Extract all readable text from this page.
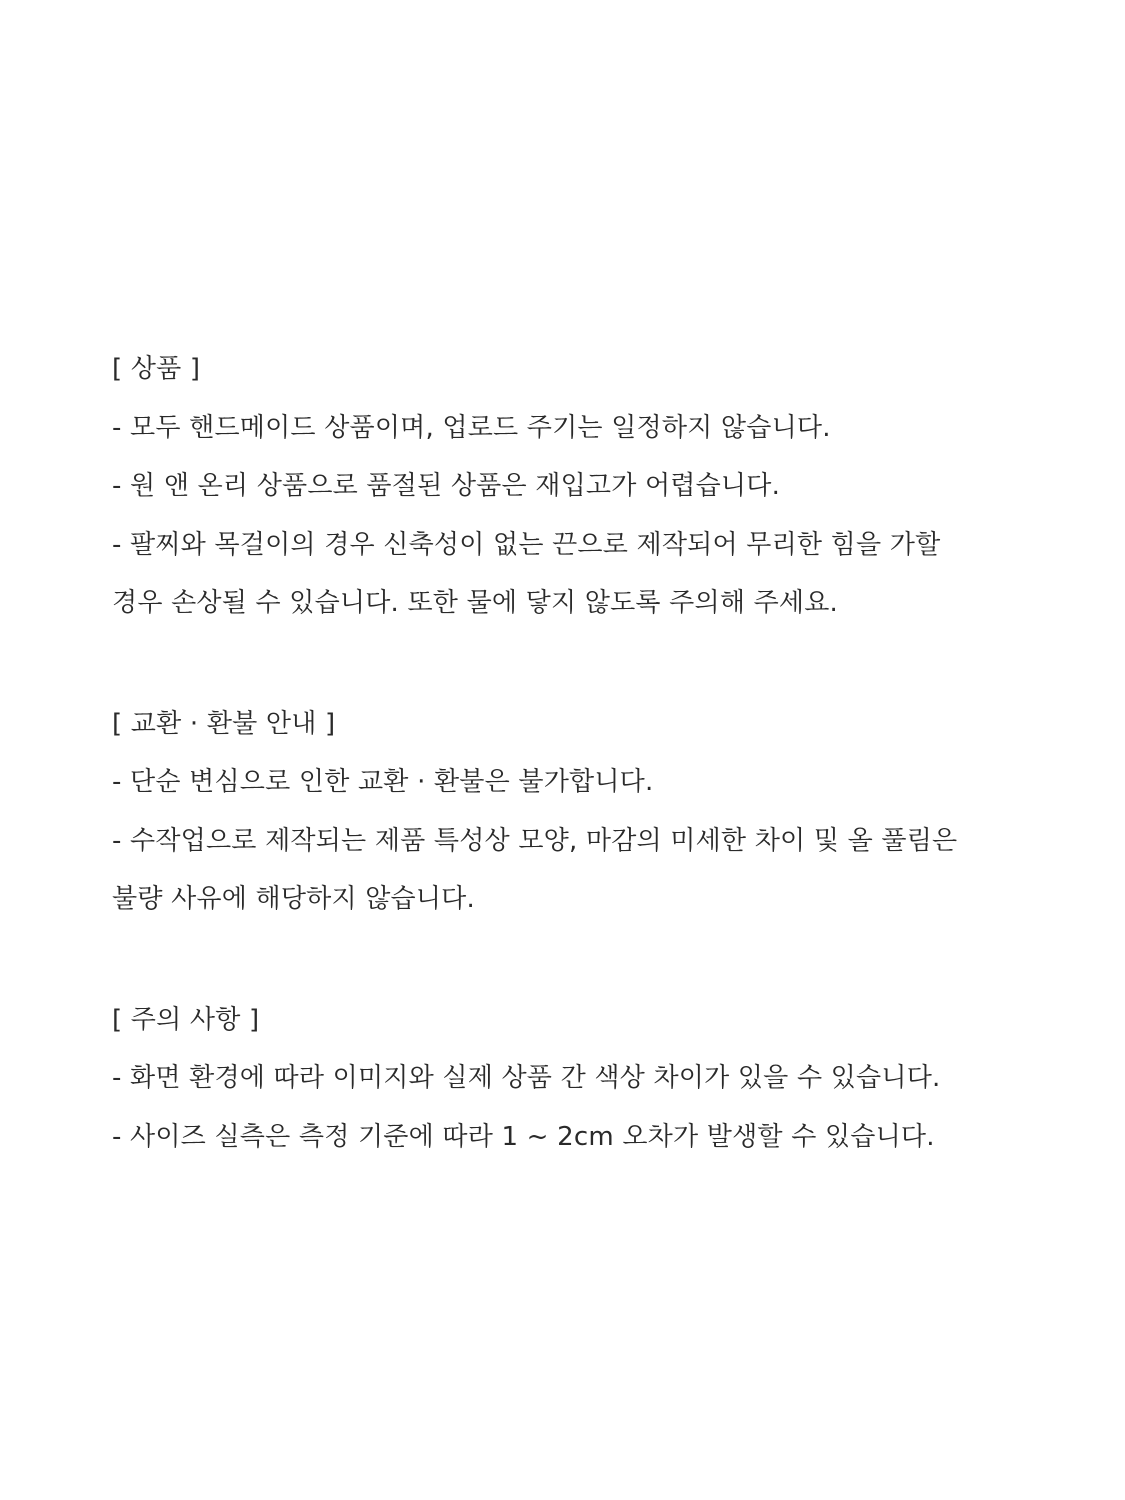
[ 상품 ]
- 모두 핸드메이드 상품이며, 업로드 주기는 일정하지 않습니다.
- 원 앤 온리 상품으로 품절된 상품은 재입고가 어렵습니다.
- 팔찌와 목걸이의 경우 신축성이 없는 끈으로 제작되어 무리한 힘을 가할
경우 손상될 수 있습니다. 또한 물에 닿지 않도록 주의해 주세요.
[ 교환 · 환불 안내 ]
- 단순 변심으로 인한 교환 · 환불은 불가합니다.
- 수작업으로 제작되는 제품 특성상 모양, 마감의 미세한 차이 및 올 풀림은
불량 사유에 해당하지 않습니다.
[ 주의 사항 ]
- 화면 환경에 따라 이미지와 실제 상품 간 색상 차이가 있을 수 있습니다.
- 사이즈 실측은 측정 기준에 따라 1 ~ 2cm 오차가 발생할 수 있습니다.
